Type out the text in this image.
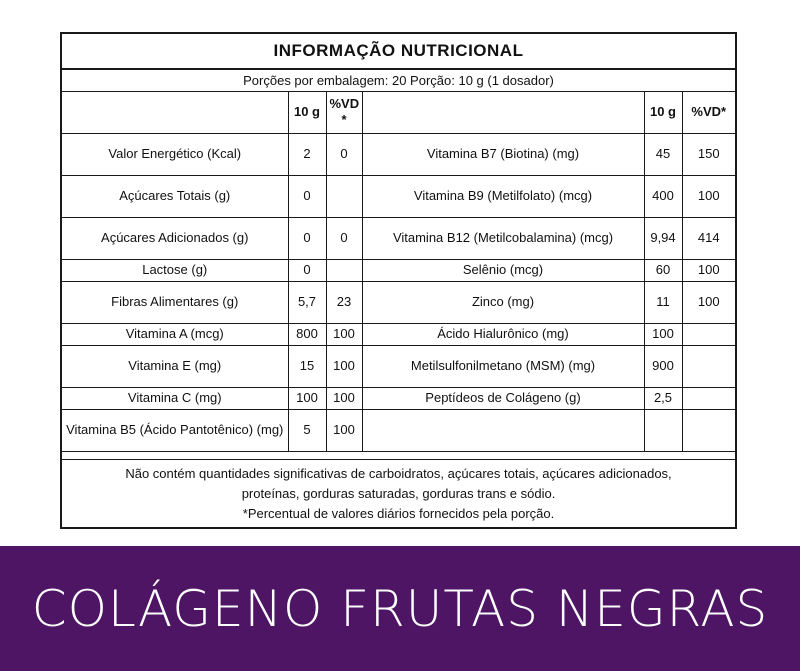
INFORMAÇÃO NUTRICIONAL
Porções por embalagem: 20 Porção: 10 g (1 dosador)
	10 g	%VD *		10 g	%VD*
Valor Energético (Kcal)	2	0	Vitamina B7 (Biotina) (mg)	45	150
Açúcares Totais (g)	0		Vitamina B9 (Metilfolato) (mcg)	400	100
Açúcares Adicionados (g)	0	0	Vitamina B12 (Metilcobalamina) (mcg)	9,94	414
Lactose (g)	0		Selênio (mcg)	60	100
Fibras Alimentares (g)	5,7	23	Zinco (mg)	11	100
Vitamina A (mcg)	800	100	Ácido Hialurônico (mg)	100	
Vitamina E (mg)	15	100	Metilsulfonilmetano (MSM) (mg)	900	
Vitamina C (mg)	100	100	Peptídeos de Colágeno (g)	2,5	
Vitamina B5 (Ácido Pantotênico) (mg)	5	100			
Não contém quantidades significativas de carboidratos, açúcares totais, açúcares adicionados,
proteínas, gorduras saturadas, gorduras trans e sódio.
*Percentual de valores diários fornecidos pela porção.
COLÁGENO FRUTAS NEGRAS
